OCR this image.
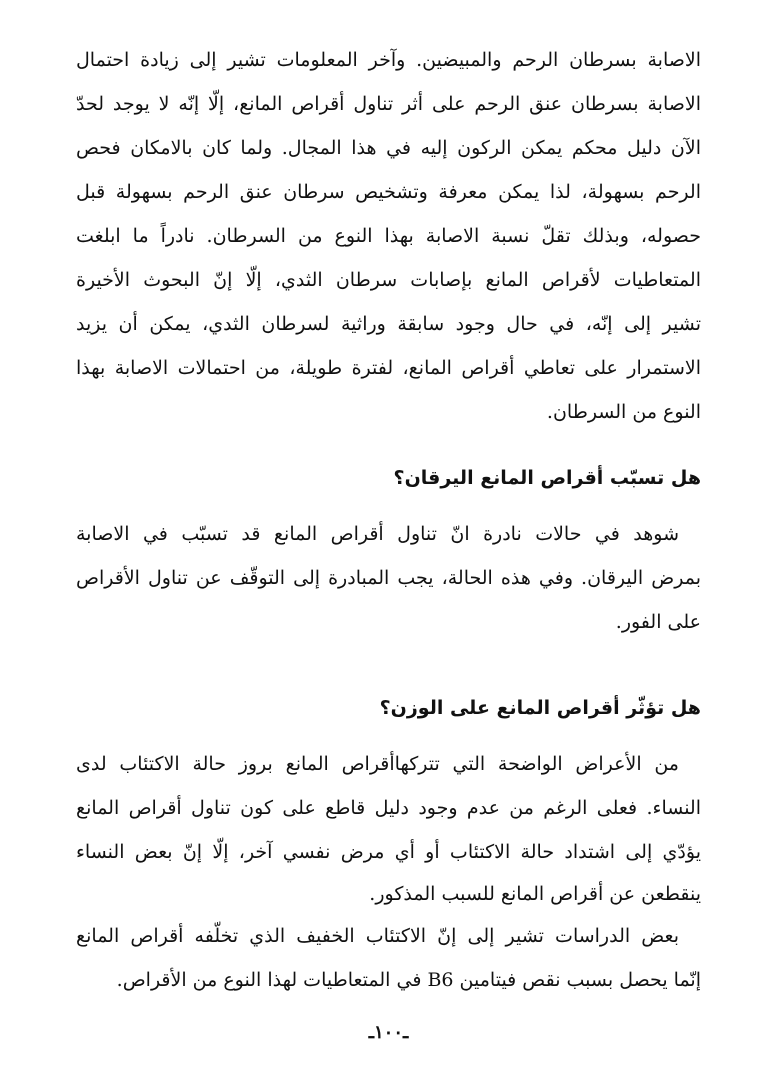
الاصابة بسرطان الرحم والمبيضين. وآخر المعلومات تشير إلى زيادة احتمال
الاصابة بسرطان عنق الرحم على أثر تناول أقراص المانع، إلّا إنّه لا يوجد لحدّ
الآن دليل محكم يمكن الركون إليه في هذا المجال. ولما كان بالامكان فحص
الرحم بسهولة، لذا يمكن معرفة وتشخيص سرطان عنق الرحم بسهولة قبل
حصوله، وبذلك تقلّ نسبة الاصابة بهذا النوع من السرطان. نادراً ما ابلغت
المتعاطيات لأقراص المانع بإصابات سرطان الثدي، إلّا إنّ البحوث الأخيرة
تشير إلى إنّه، في حال وجود سابقة وراثية لسرطان الثدي، يمكن أن يزيد
الاستمرار على تعاطي أقراص المانع، لفترة طويلة، من احتمالات الاصابة بهذا
النوع من السرطان.
هل تسبّب أقراص المانع اليرقان؟
شوهد في حالات نادرة انّ تناول أقراص المانع قد تسبّب في الاصابة
بمرض اليرقان. وفي هذه الحالة، يجب المبادرة إلى التوقّف عن تناول الأقراص
على الفور.
هل تؤثّر أقراص المانع على الوزن؟
من الأعراض الواضحة التي تتركهاأقراص المانع بروز حالة الاكتئاب لدى
النساء. فعلى الرغم من عدم وجود دليل قاطع على كون تناول أقراص المانع
يؤدّي إلى اشتداد حالة الاكتئاب أو أي مرض نفسي آخر، إلّا إنّ بعض النساء
ينقطعن عن أقراص المانع للسبب المذكور.
بعض الدراسات تشير إلى إنّ الاكتئاب الخفيف الذي تخلّفه أقراص المانع
إنّما يحصل بسبب نقص فيتامين B6 في المتعاطيات لهذا النوع من الأقراص.
ـ١٠٠ـ
